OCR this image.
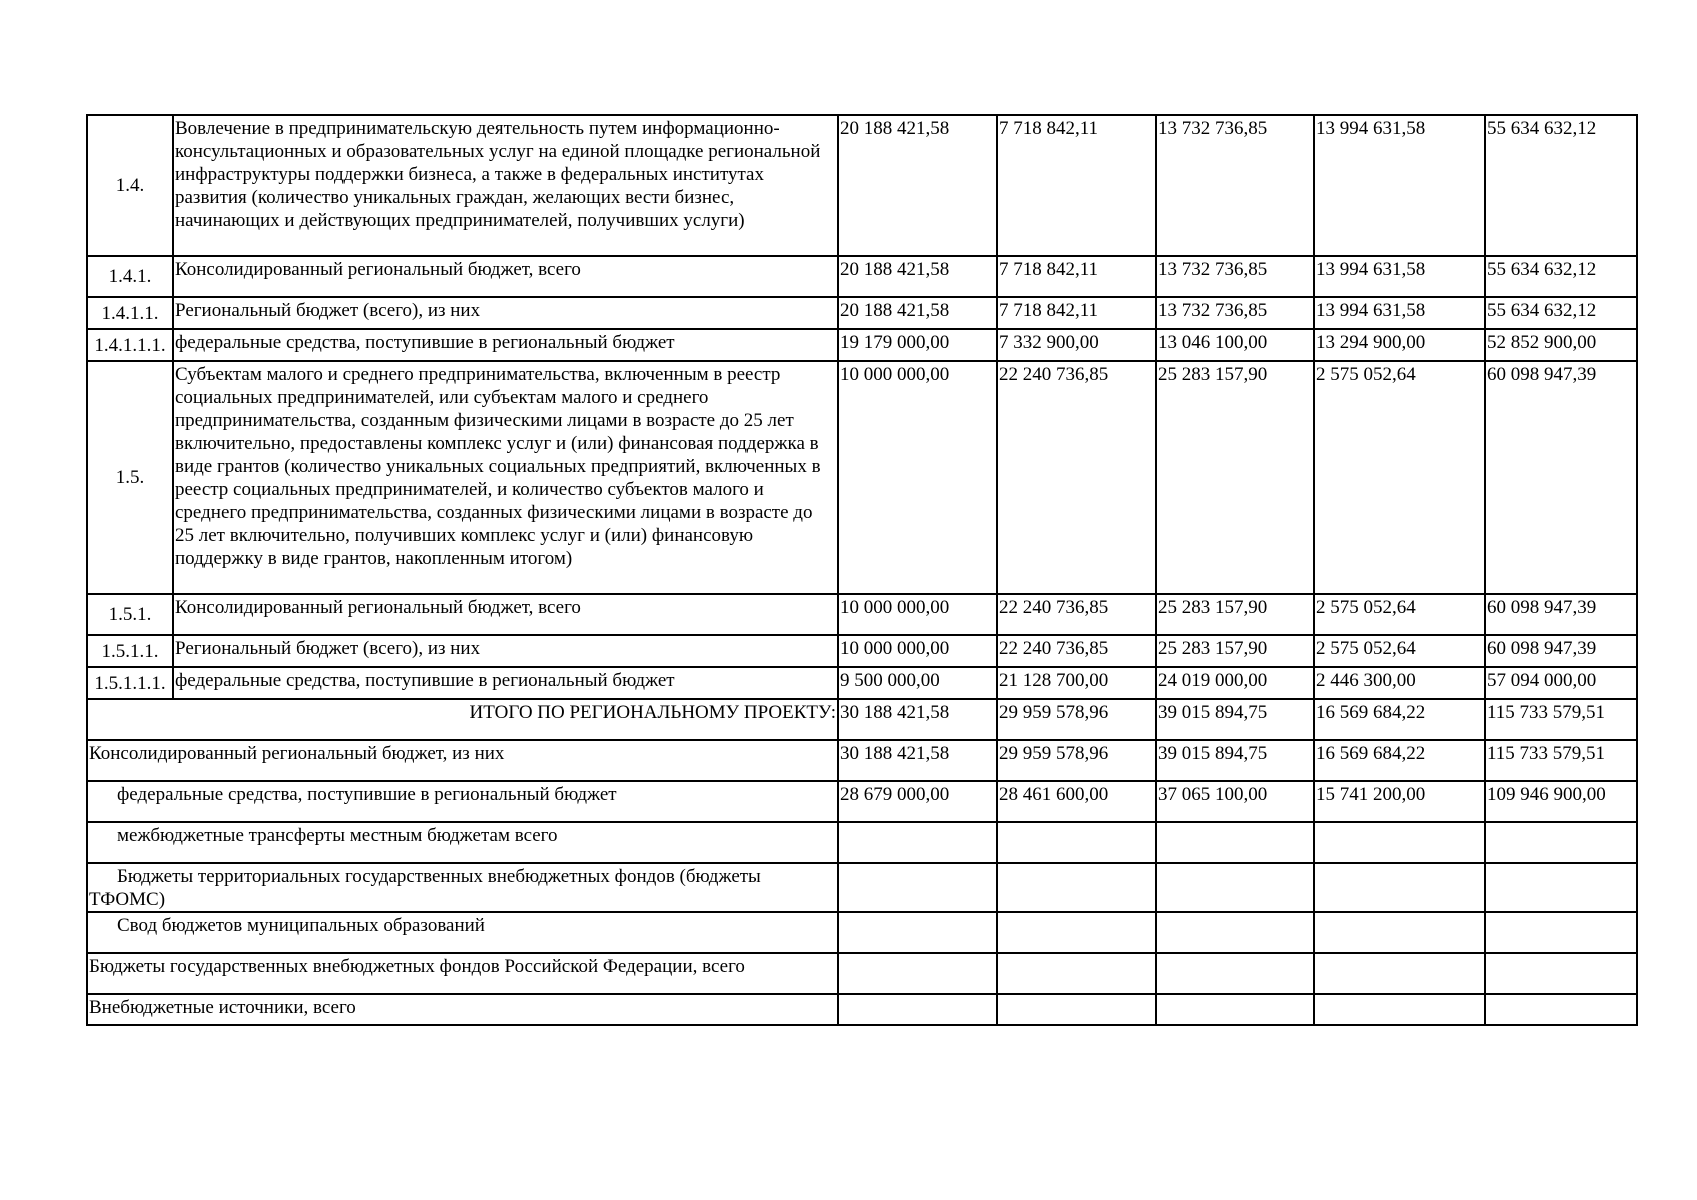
1.4.	Вовлечение в предпринимательскую деятельность путем информационно-консультационных и образовательных услуг на единой площадке региональной инфраструктуры поддержки бизнеса, а также в федеральных институтах развития (количество уникальных граждан, желающих вести бизнес, начинающих и действующих предпринимателей, получивших услуги)	20 188 421,58	7 718 842,11	13 732 736,85	13 994 631,58	55 634 632,12
1.4.1.	Консолидированный региональный бюджет, всего	20 188 421,58	7 718 842,11	13 732 736,85	13 994 631,58	55 634 632,12
1.4.1.1.	Региональный бюджет (всего), из них	20 188 421,58	7 718 842,11	13 732 736,85	13 994 631,58	55 634 632,12
1.4.1.1.1.	федеральные средства, поступившие в региональный бюджет	19 179 000,00	7 332 900,00	13 046 100,00	13 294 900,00	52 852 900,00
1.5.	Субъектам малого и среднего предпринимательства, включенным в реестр социальных предпринимателей, или субъектам малого и среднего предпринимательства, созданным физическими лицами в возрасте до 25 лет включительно, предоставлены комплекс услуг и (или) финансовая поддержка в виде грантов (количество уникальных социальных предприятий, включенных в реестр социальных предпринимателей, и количество субъектов малого и среднего предпринимательства, созданных физическими лицами в возрасте до 25 лет включительно, получивших комплекс услуг и (или) финансовую поддержку в виде грантов, накопленным итогом)	10 000 000,00	22 240 736,85	25 283 157,90	2 575 052,64	60 098 947,39
1.5.1.	Консолидированный региональный бюджет, всего	10 000 000,00	22 240 736,85	25 283 157,90	2 575 052,64	60 098 947,39
1.5.1.1.	Региональный бюджет (всего), из них	10 000 000,00	22 240 736,85	25 283 157,90	2 575 052,64	60 098 947,39
1.5.1.1.1.	федеральные средства, поступившие в региональный бюджет	9 500 000,00	21 128 700,00	24 019 000,00	2 446 300,00	57 094 000,00
ИТОГО ПО РЕГИОНАЛЬНОМУ ПРОЕКТУ:		30 188 421,58	29 959 578,96	39 015 894,75	16 569 684,22	115 733 579,51
Консолидированный региональный бюджет, из них		30 188 421,58	29 959 578,96	39 015 894,75	16 569 684,22	115 733 579,51
федеральные средства, поступившие в региональный бюджет		28 679 000,00	28 461 600,00	37 065 100,00	15 741 200,00	109 946 900,00
межбюджетные трансферты местным бюджетам всего						
Бюджеты территориальных государственных внебюджетных фондов (бюджеты ТФОМС)						
Свод бюджетов муниципальных образований						
Бюджеты государственных внебюджетных фондов Российской Федерации, всего						
Внебюджетные источники, всего						
